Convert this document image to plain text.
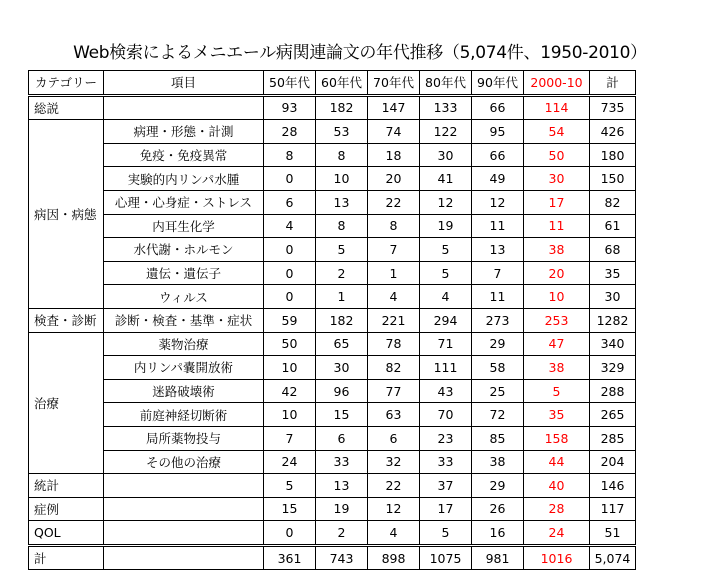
Web検索によるメニエール病関連論文の年代推移（5,074件、1950-2010）
カテゴリー	項目	50年代	60年代	70年代	80年代	90年代	2000-10	計
総説		93	182	147	133	66	114	735
病因・病態	病理・形態・計測	28	53	74	122	95	54	426
	免疫・免疫異常	8	8	18	30	66	50	180
	実験的内リンパ水腫	0	10	20	41	49	30	150
	心理・心身症・ストレス	6	13	22	12	12	17	82
	内耳生化学	4	8	8	19	11	11	61
	水代謝・ホルモン	0	5	7	5	13	38	68
	遺伝・遺伝子	0	2	1	5	7	20	35
	ウィルス	0	1	4	4	11	10	30
検査・診断	診断・検査・基準・症状	59	182	221	294	273	253	1282
治療	薬物治療	50	65	78	71	29	47	340
	内リンパ嚢開放術	10	30	82	111	58	38	329
	迷路破壊術	42	96	77	43	25	5	288
	前庭神経切断術	10	15	63	70	72	35	265
	局所薬物投与	7	6	6	23	85	158	285
	その他の治療	24	33	32	33	38	44	204
統計		5	13	22	37	29	40	146
症例		15	19	12	17	26	28	117
QOL		0	2	4	5	16	24	51
計		361	743	898	1075	981	1016	5,074
